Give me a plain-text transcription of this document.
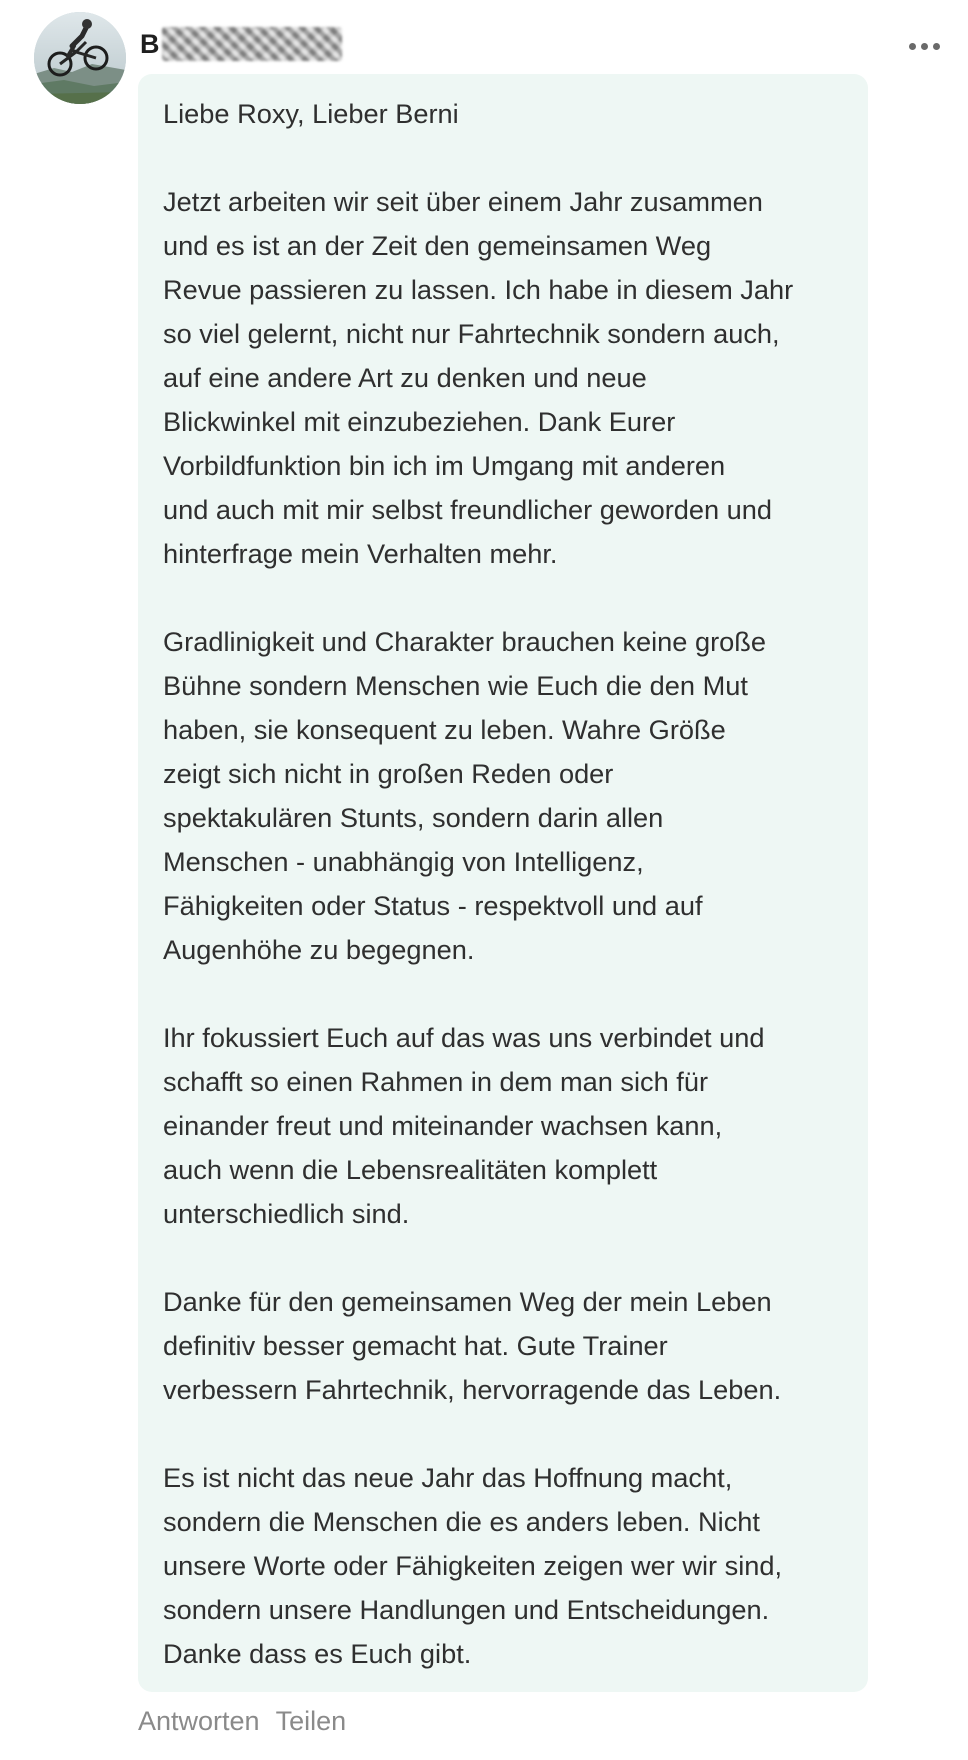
B

Liebe Roxy, Lieber Berni

Jetzt arbeiten wir seit über einem Jahr zusammen
und es ist an der Zeit den gemeinsamen Weg
Revue passieren zu lassen. Ich habe in diesem Jahr
so viel gelernt, nicht nur Fahrtechnik sondern auch,
auf eine andere Art zu denken und neue
Blickwinkel mit einzubeziehen. Dank Eurer
Vorbildfunktion bin ich im Umgang mit anderen
und auch mit mir selbst freundlicher geworden und
hinterfrage mein Verhalten mehr.

Gradlinigkeit und Charakter brauchen keine große
Bühne sondern Menschen wie Euch die den Mut
haben, sie konsequent zu leben. Wahre Größe
zeigt sich nicht in großen Reden oder
spektakulären Stunts, sondern darin allen
Menschen - unabhängig von Intelligenz,
Fähigkeiten oder Status - respektvoll und auf
Augenhöhe zu begegnen.

Ihr fokussiert Euch auf das was uns verbindet und
schafft so einen Rahmen in dem man sich für
einander freut und miteinander wachsen kann,
auch wenn die Lebensrealitäten komplett
unterschiedlich sind.

Danke für den gemeinsamen Weg der mein Leben
definitiv besser gemacht hat. Gute Trainer
verbessern Fahrtechnik, hervorragende das Leben.

Es ist nicht das neue Jahr das Hoffnung macht,
sondern die Menschen die es anders leben. Nicht
unsere Worte oder Fähigkeiten zeigen wer wir sind,
sondern unsere Handlungen und Entscheidungen.
Danke dass es Euch gibt.

Antworten Teilen
